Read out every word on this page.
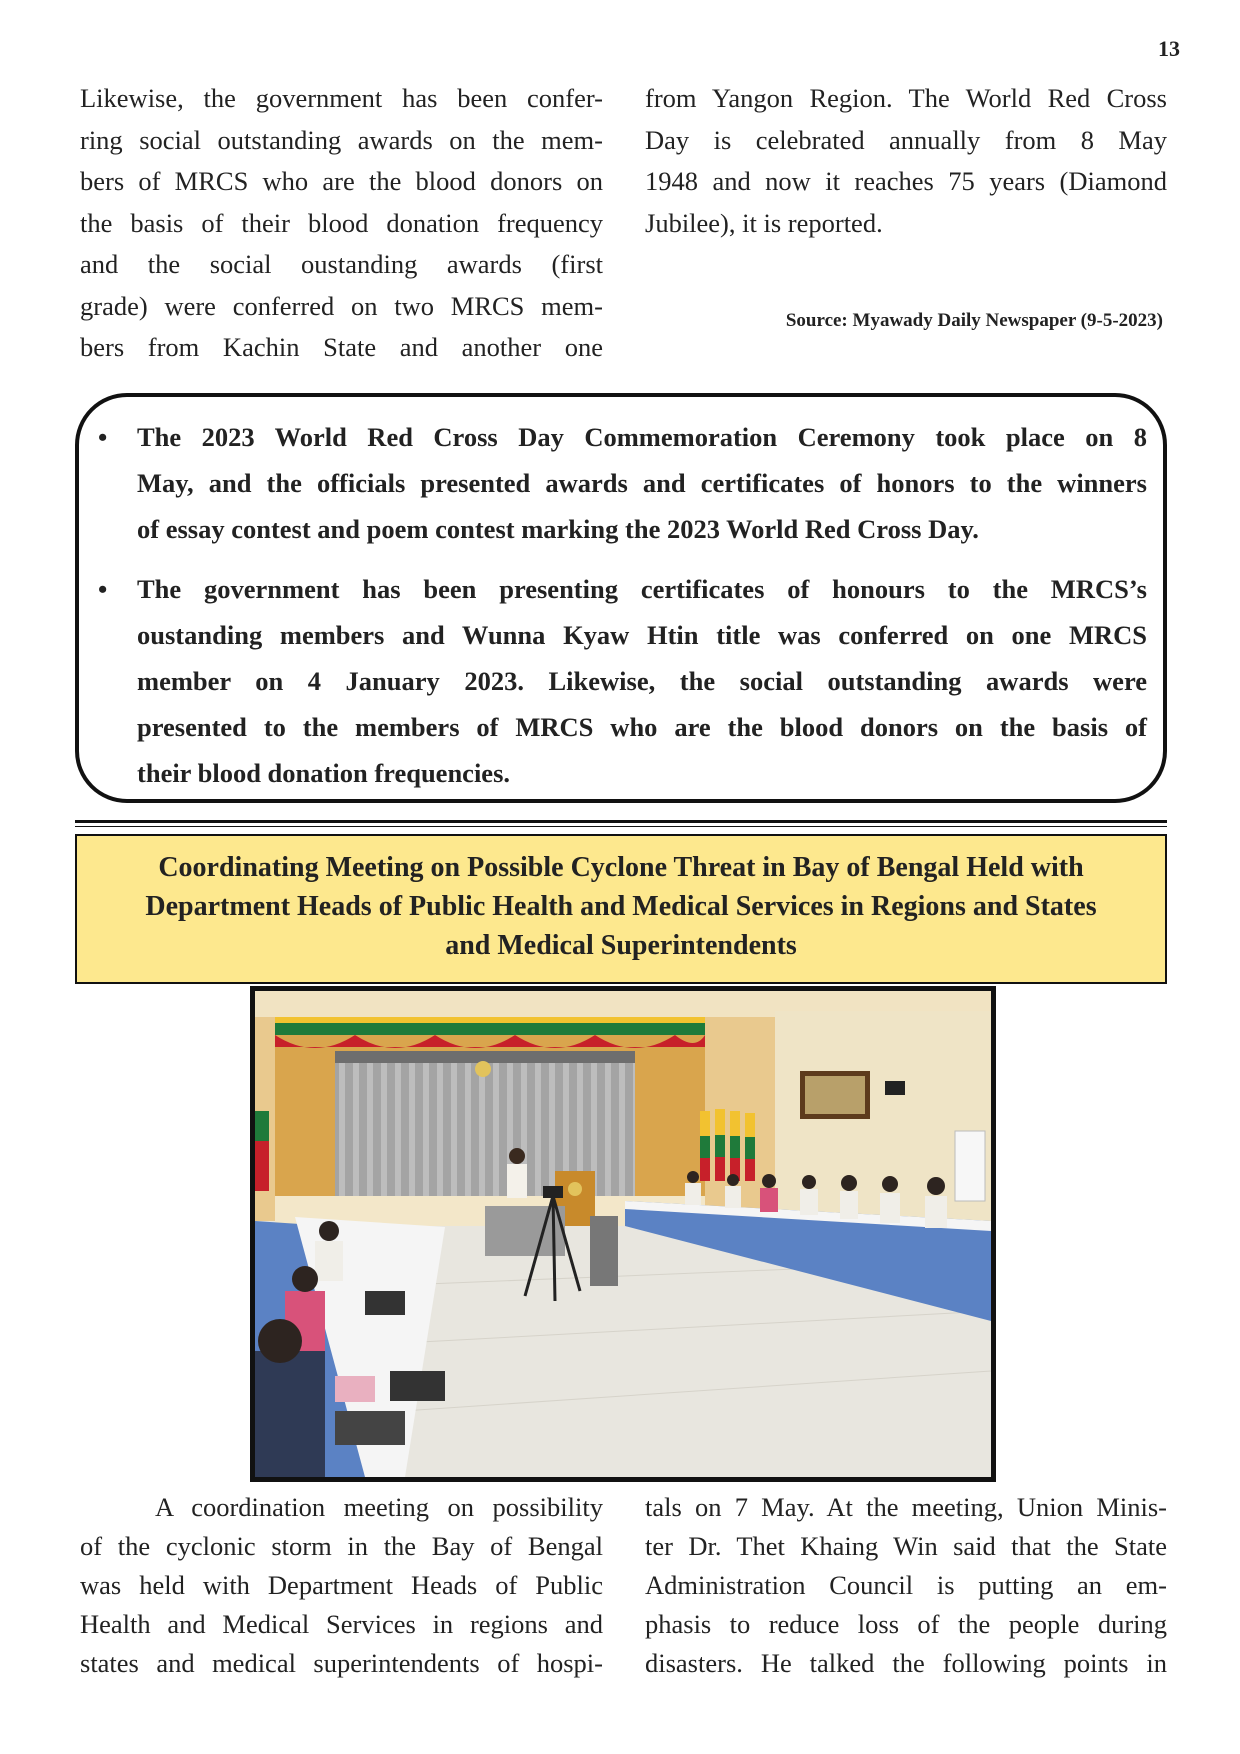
13
Likewise, the government has been confer-
ring social outstanding awards on the mem-
bers of MRCS who are the blood donors on
the basis of their blood donation frequency
and the social oustanding awards (first
grade) were conferred on two MRCS mem-
bers from Kachin State and another one
from Yangon Region. The World Red Cross
Day is celebrated annually from 8 May
1948 and now it reaches 75 years (Diamond
Jubilee), it is reported.
Source: Myawady Daily Newspaper (9-5-2023)
• The 2023 World Red Cross Day Commemoration Ceremony took place on 8
May, and the officials presented awards and certificates of honors to the winners
of essay contest and poem contest marking the 2023 World Red Cross Day.
• The government has been presenting certificates of honours to the MRCS’s
oustanding members and Wunna Kyaw Htin title was conferred on one MRCS
member on 4 January 2023. Likewise, the social outstanding awards were
presented to the members of MRCS who are the blood donors on the basis of
their blood donation frequencies.
Coordinating Meeting on Possible Cyclone Threat in Bay of Bengal Held with
Department Heads of Public Health and Medical Services in Regions and States
and Medical Superintendents
A coordination meeting on possibility
of the cyclonic storm in the Bay of Bengal
was held with Department Heads of Public
Health and Medical Services in regions and
states and medical superintendents of hospi-
tals on 7 May. At the meeting, Union Minis-
ter Dr. Thet Khaing Win said that the State
Administration Council is putting an em-
phasis to reduce loss of the people during
disasters. He talked the following points in
